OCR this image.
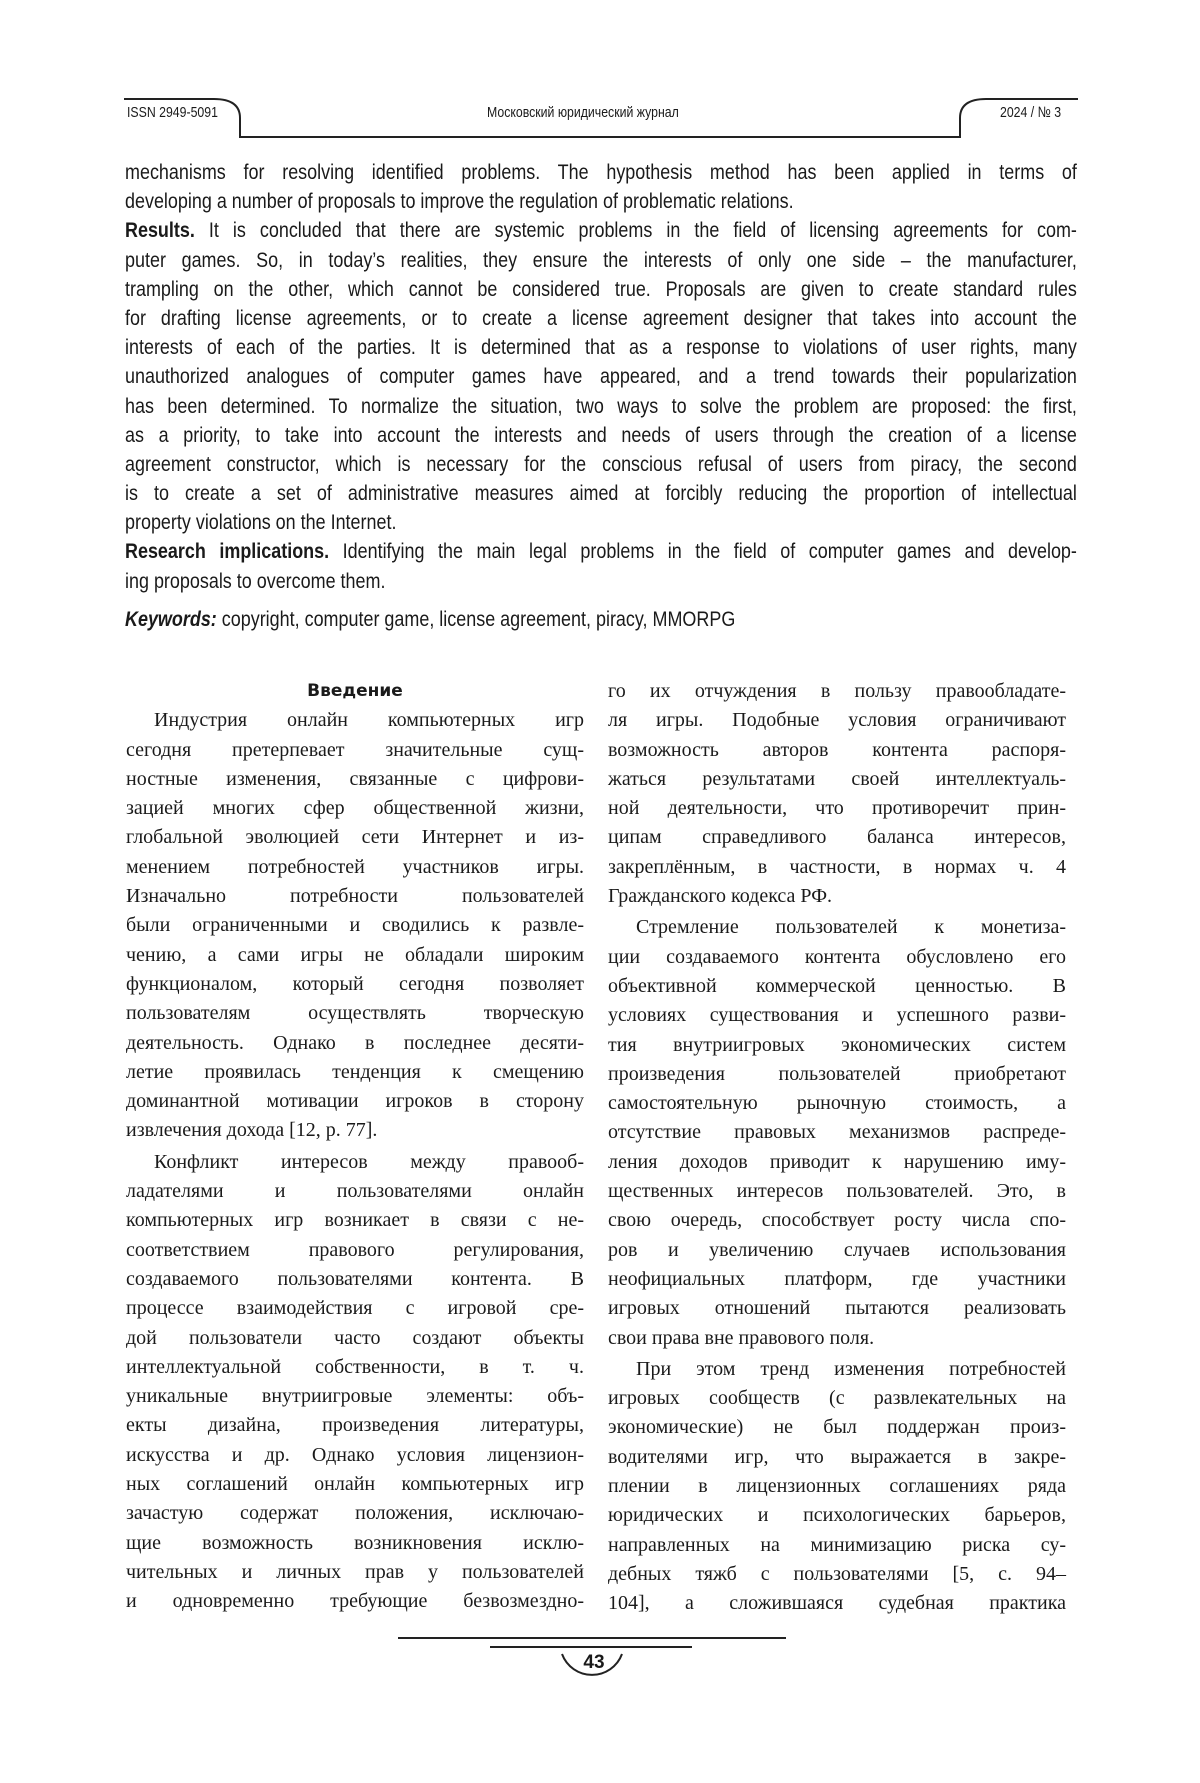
ISSN 2949-5091	Московский юридический журнал	2024 / № 3
mechanisms for resolving identified problems. The hypothesis method has been applied in terms of
developing a number of proposals to improve the regulation of problematic relations.
Results. It is concluded that there are systemic problems in the field of licensing agreements for com-
puter games. So, in today’s realities, they ensure the interests of only one side – the manufacturer,
trampling on the other, which cannot be considered true. Proposals are given to create standard rules
for drafting license agreements, or to create a license agreement designer that takes into account the
interests of each of the parties. It is determined that as a response to violations of user rights, many
unauthorized analogues of computer games have appeared, and a trend towards their popularization
has been determined. To normalize the situation, two ways to solve the problem are proposed: the first,
as a priority, to take into account the interests and needs of users through the creation of a license
agreement constructor, which is necessary for the conscious refusal of users from piracy, the second
is to create a set of administrative measures aimed at forcibly reducing the proportion of intellectual
property violations on the Internet.
Research implications. Identifying the main legal problems in the field of computer games and develop-
ing proposals to overcome them.
Keywords: copyright, computer game, license agreement, piracy, MMORPG
Введение
Индустрия онлайн компьютерных игр
сегодня претерпевает значительные сущ-
ностные изменения, связанные с цифрови-
зацией многих сфер общественной жизни,
глобальной эволюцией сети Интернет и из-
менением потребностей участников игры.
Изначально потребности пользователей
были ограниченными и сводились к развле-
чению, а сами игры не обладали широким
функционалом, который сегодня позволяет
пользователям осуществлять творческую
деятельность. Однако в последнее десяти-
летие проявилась тенденция к смещению
доминантной мотивации игроков в сторону
извлечения дохода [12, p. 77].
Конфликт интересов между правооб-
ладателями и пользователями онлайн
компьютерных игр возникает в связи с не-
соответствием правового регулирования,
создаваемого пользователями контента. В
процессе взаимодействия с игровой сре-
дой пользователи часто создают объекты
интеллектуальной собственности, в т. ч.
уникальные внутриигровые элементы: объ-
екты дизайна, произведения литературы,
искусства и др. Однако условия лицензион-
ных соглашений онлайн компьютерных игр
зачастую содержат положения, исключаю-
щие возможность возникновения исклю-
чительных и личных прав у пользователей
и одновременно требующие безвозмездно-
го их отчуждения в пользу правообладате-
ля игры. Подобные условия ограничивают
возможность авторов контента распоря-
жаться результатами своей интеллектуаль-
ной деятельности, что противоречит прин-
ципам справедливого баланса интересов,
закреплённым, в частности, в нормах ч. 4
Гражданского кодекса РФ.
Стремление пользователей к монетиза-
ции создаваемого контента обусловлено его
объективной коммерческой ценностью. В
условиях существования и успешного разви-
тия внутриигровых экономических систем
произведения пользователей приобретают
самостоятельную рыночную стоимость, а
отсутствие правовых механизмов распреде-
ления доходов приводит к нарушению иму-
щественных интересов пользователей. Это, в
свою очередь, способствует росту числа спо-
ров и увеличению случаев использования
неофициальных платформ, где участники
игровых отношений пытаются реализовать
свои права вне правового поля.
При этом тренд изменения потребностей
игровых сообществ (с развлекательных на
экономические) не был поддержан произ-
водителями игр, что выражается в закре-
плении в лицензионных соглашениях ряда
юридических и психологических барьеров,
направленных на минимизацию риска су-
дебных тяжб с пользователями [5, с. 94–
104], а сложившаяся судебная практика
43
